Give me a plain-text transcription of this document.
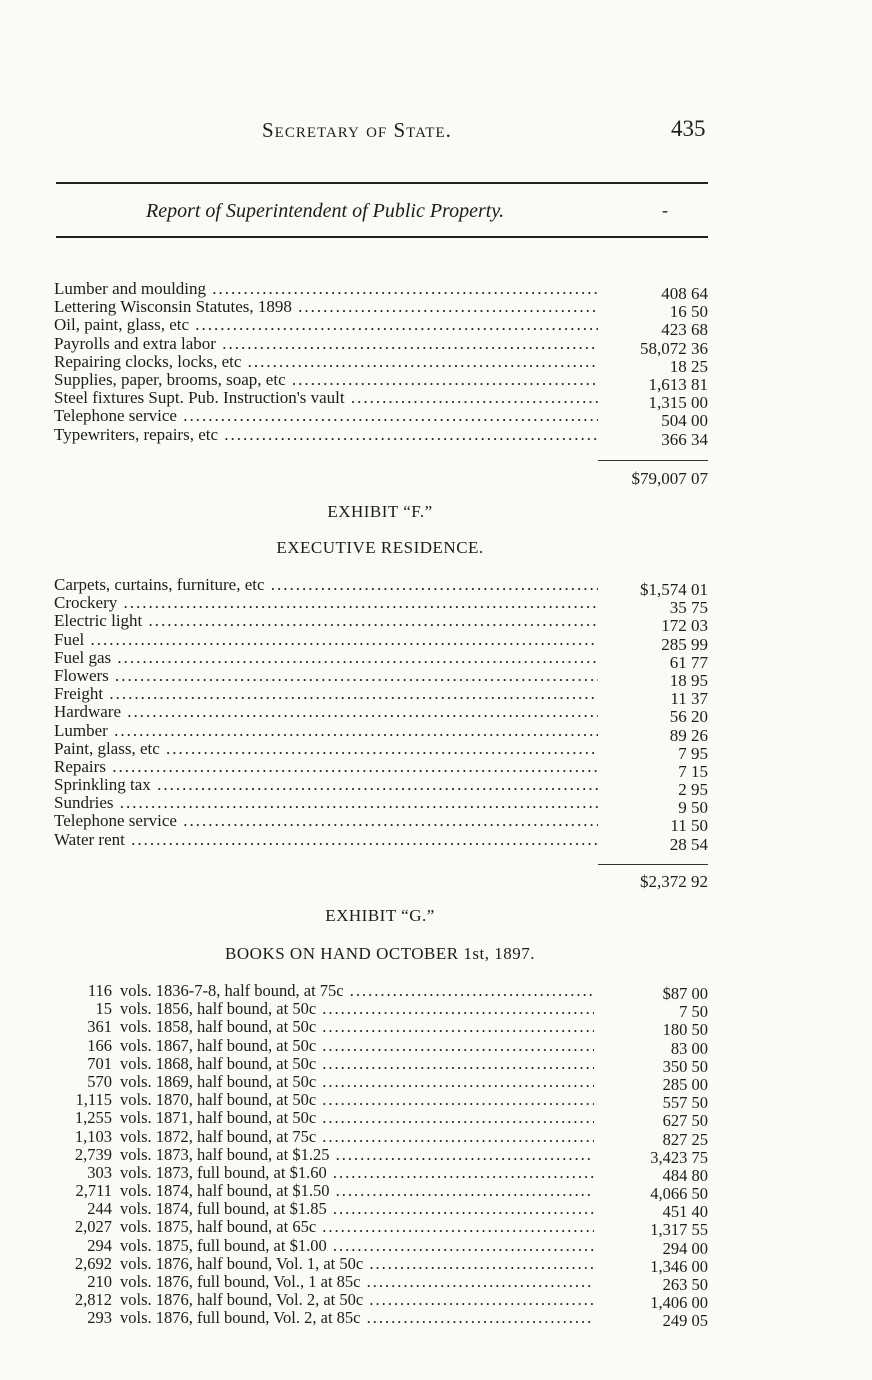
Secretary of State.	435
Report of Superintendent of Public Property.	-
Lumber and moulding .....	408 64
Lettering Wisconsin Statutes, 1898 .....	16 50
Oil, paint, glass, etc .....	423 68
Payrolls and extra labor .....	58,072 36
Repairing clocks, locks, etc .....	18 25
Supplies, paper, brooms, soap, etc .....	1,613 81
Steel fixtures Supt. Pub. Instruction's vault .....	1,315 00
Telephone service .....	504 00
Typewriters, repairs, etc .....	366 34
$79,007 07
EXHIBIT “F.”
EXECUTIVE RESIDENCE.
Carpets, curtains, furniture, etc .....	$1,574 01
Crockery .....	35 75
Electric light .....	172 03
Fuel .....	285 99
Fuel gas .....	61 77
Flowers .....	18 95
Freight .....	11 37
Hardware .....	56 20
Lumber .....	89 26
Paint, glass, etc .....	7 95
Repairs .....	7 15
Sprinkling tax .....	2 95
Sundries .....	9 50
Telephone service .....	11 50
Water rent .....	28 54
$2,372 92
EXHIBIT “G.”
BOOKS ON HAND OCTOBER 1st, 1897.
116 vols. 1836-7-8, half bound, at 75c .....	$87 00
15 vols. 1856, half bound, at 50c .....	7 50
361 vols. 1858, half bound, at 50c .....	180 50
166 vols. 1867, half bound, at 50c .....	83 00
701 vols. 1868, half bound, at 50c .....	350 50
570 vols. 1869, half bound, at 50c .....	285 00
1,115 vols. 1870, half bound, at 50c .....	557 50
1,255 vols. 1871, half bound, at 50c .....	627 50
1,103 vols. 1872, half bound, at 75c .....	827 25
2,739 vols. 1873, half bound, at $1.25 .....	3,423 75
303 vols. 1873, full bound, at $1.60 .....	484 80
2,711 vols. 1874, half bound, at $1.50 .....	4,066 50
244 vols. 1874, full bound, at $1.85 .....	451 40
2,027 vols. 1875, half bound, at 65c .....	1,317 55
294 vols. 1875, full bound, at $1.00 .....	294 00
2,692 vols. 1876, half bound, Vol. 1, at 50c .....	1,346 00
210 vols. 1876, full bound, Vol., 1 at 85c .....	263 50
2,812 vols. 1876, half bound, Vol. 2, at 50c .....	1,406 00
293 vols. 1876, full bound, Vol. 2, at 85c .....	249 05
